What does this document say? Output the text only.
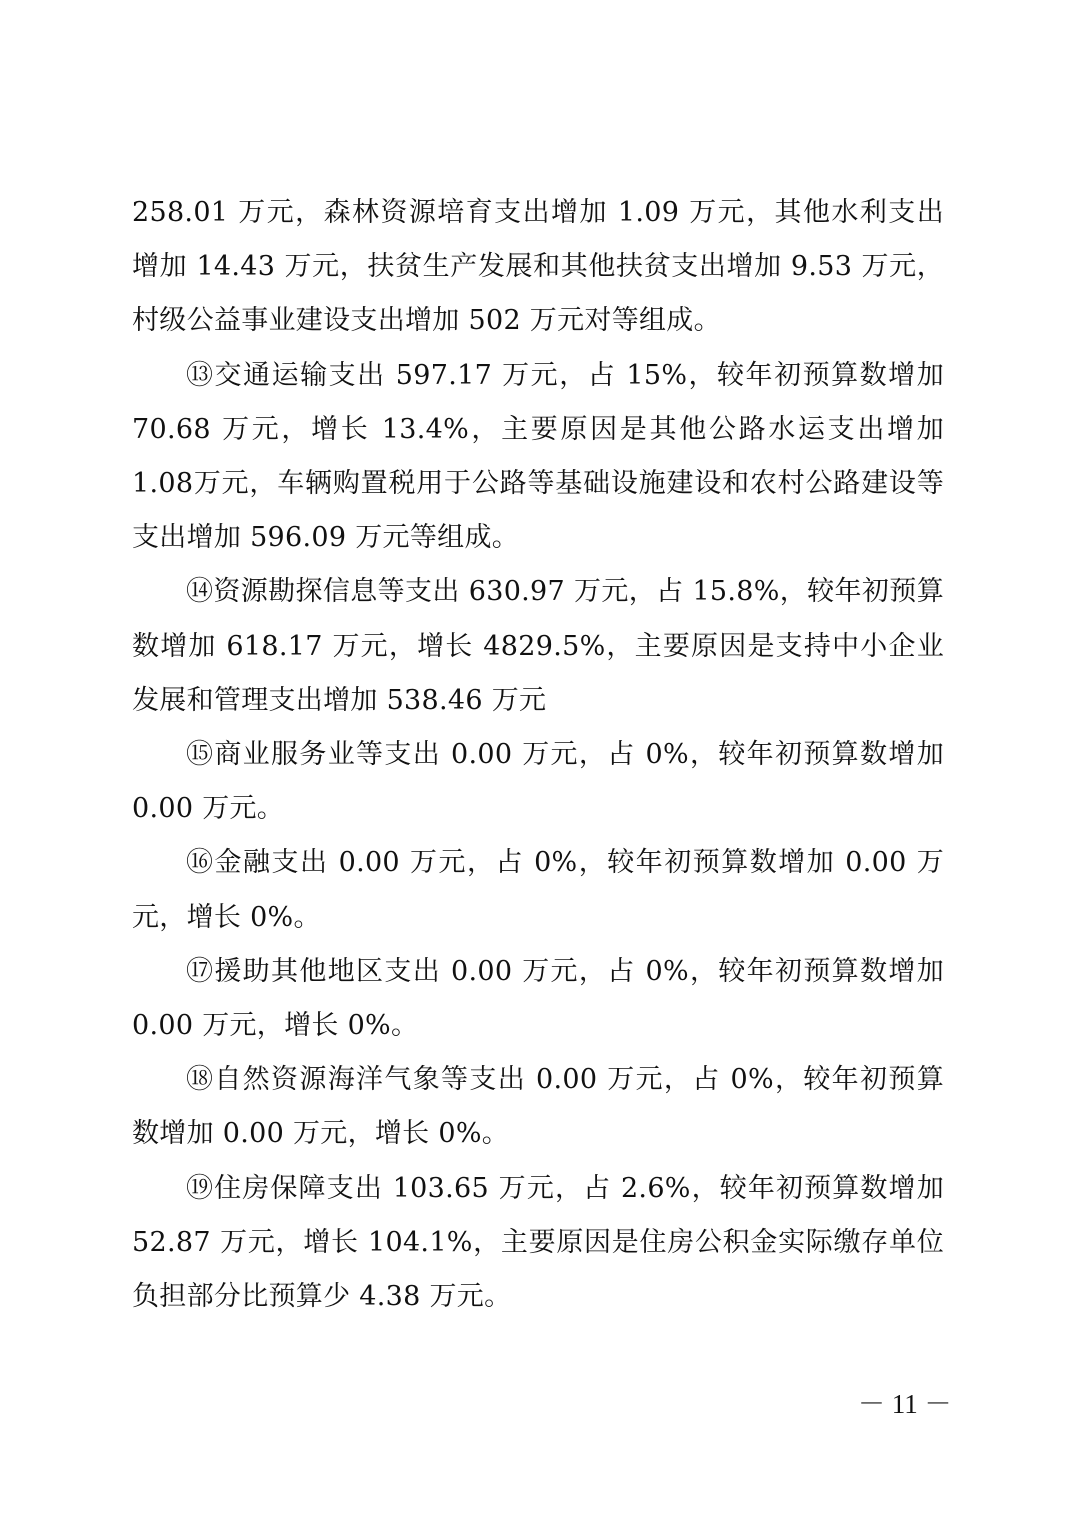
258.01 万元，森林资源培育支出增加 1.09 万元，其他水利支出增加 14.43 万元，扶贫生产发展和其他扶贫支出增加 9.53 万元，村级公益事业建设支出增加 502 万元对等组成。

⑬交通运输支出 597.17 万元，占 15%，较年初预算数增加70.68 万元，增长 13.4%，主要原因是其他公路水运支出增加 1.08万元，车辆购置税用于公路等基础设施建设和农村公路建设等支出增加 596.09 万元等组成。

⑭资源勘探信息等支出 630.97 万元，占 15.8%，较年初预算数增加 618.17 万元，增长 4829.5%，主要原因是支持中小企业发展和管理支出增加 538.46 万元

⑮商业服务业等支出 0.00 万元，占 0%，较年初预算数增加0.00 万元。

⑯金融支出 0.00 万元，占 0%，较年初预算数增加 0.00 万元，增长 0%。

⑰援助其他地区支出 0.00 万元，占 0%，较年初预算数增加0.00 万元，增长 0%。

⑱自然资源海洋气象等支出 0.00 万元，占 0%，较年初预算数增加 0.00 万元，增长 0%。

⑲住房保障支出 103.65 万元，占 2.6%，较年初预算数增加52.87 万元，增长 104.1%，主要原因是住房公积金实际缴存单位负担部分比预算少 4.38 万元。

－ 11 －
